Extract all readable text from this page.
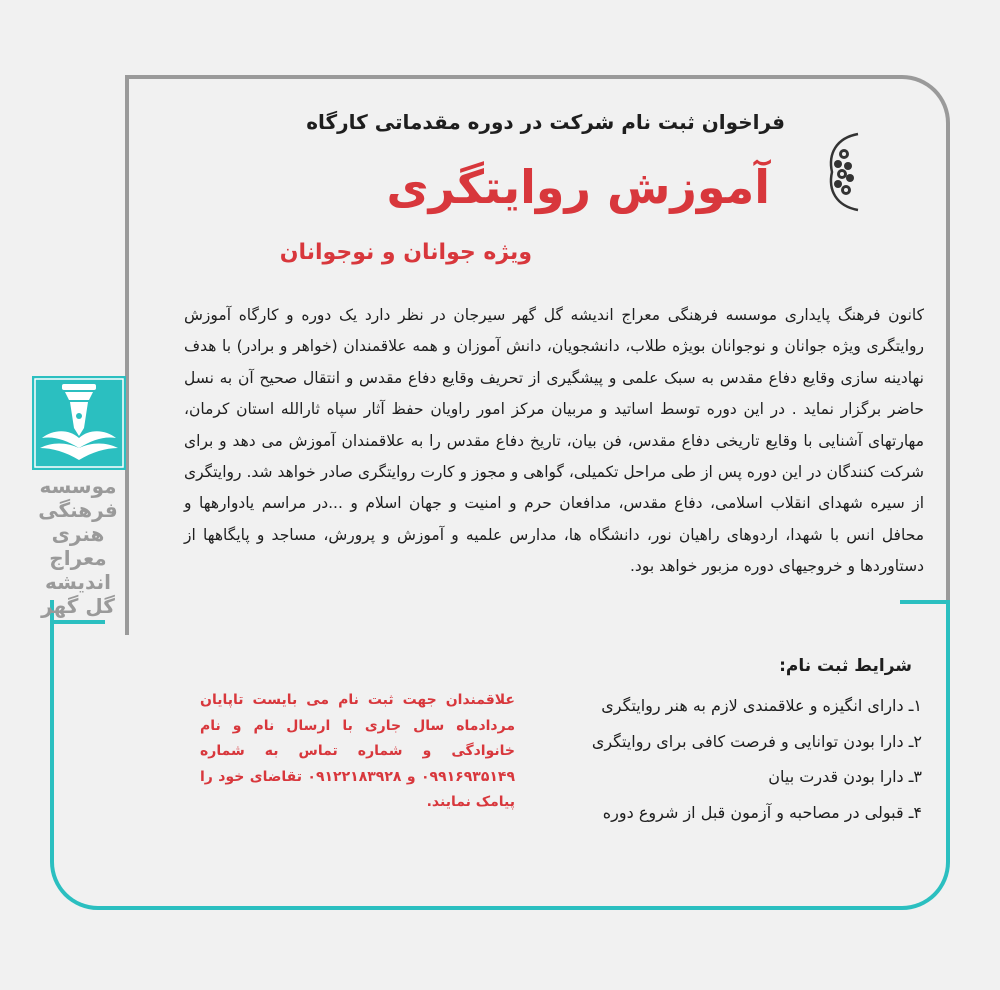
موسسه
فرهنگی
هنری
معراج
اندیشه
گل گهر
فراخوان ثبت نام شرکت در دوره مقدماتی کارگاه
آموزش روایتگری
ویژه جوانان و نوجوانان
کانون فرهنگ پایداری موسسه فرهنگی معراج اندیشه گل گهر سیرجان در نظر دارد یک دوره و کارگاه آموزش روایتگری ویژه جوانان و نوجوانان بویژه طلاب، دانشجویان، دانش آموزان و همه علاقمندان (خواهر و برادر) با هدف نهادینه سازی وقایع دفاع مقدس به سبک علمی و پیشگیری از تحریف وقایع دفاع مقدس و انتقال صحیح آن به نسل حاضر برگزار نماید . در این دوره توسط اساتید و مربیان مرکز امور راویان حفظ آثار سپاه ثارالله استان کرمان، مهارتهای آشنایی با وقایع تاریخی دفاع مقدس، فن بیان، تاریخ دفاع مقدس را به علاقمندان آموزش می دهد و برای شرکت کنندگان در این دوره پس از طی مراحل تکمیلی، گواهی و مجوز و کارت روایتگری صادر خواهد شد. روایتگری از سیره شهدای انقلاب اسلامی، دفاع مقدس، مدافعان حرم و امنیت و جهان اسلام و ...در مراسم یادوارهها و محافل انس با شهدا، اردوهای راهیان نور، دانشگاه ها، مدارس علمیه و آموزش و پرورش، مساجد و پایگاهها از دستاوردها و خروجیهای دوره مزبور خواهد بود.
شرایط ثبت نام:
۱ـ دارای انگیزه و علاقمندی لازم به هنر روایتگری
۲ـ دارا بودن توانایی و فرصت کافی برای روایتگری
۳ـ دارا بودن قدرت بیان
۴ـ قبولی در مصاحبه و آزمون قبل از شروع دوره
علاقمندان جهت ثبت نام می بایست تاپایان مردادماه سال جاری با ارسال نام و نام خانوادگی و شماره تماس به شماره ۰۹۹۱۶۹۳۵۱۴۹ و ۰۹۱۲۲۱۸۳۹۲۸ تقاضای خود را پیامک نمایند.
